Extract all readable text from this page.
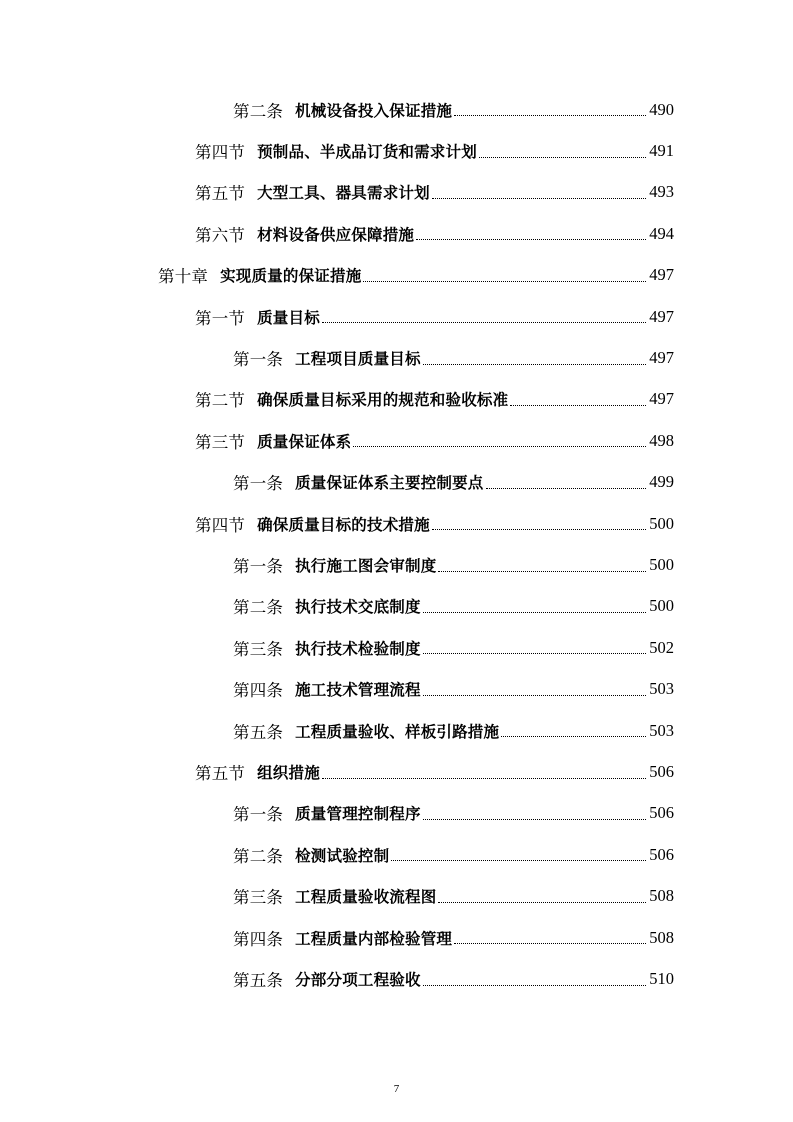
第二条 机械设备投入保证措施	490
第四节 预制品、半成品订货和需求计划	491
第五节 大型工具、器具需求计划	493
第六节 材料设备供应保障措施	494
第十章 实现质量的保证措施	497
第一节 质量目标	497
第一条 工程项目质量目标	497
第二节 确保质量目标采用的规范和验收标准	497
第三节 质量保证体系	498
第一条 质量保证体系主要控制要点	499
第四节 确保质量目标的技术措施	500
第一条 执行施工图会审制度	500
第二条 执行技术交底制度	500
第三条 执行技术检验制度	502
第四条 施工技术管理流程	503
第五条 工程质量验收、样板引路措施	503
第五节 组织措施	506
第一条 质量管理控制程序	506
第二条 检测试验控制	506
第三条 工程质量验收流程图	508
第四条 工程质量内部检验管理	508
第五条 分部分项工程验收	510
7
